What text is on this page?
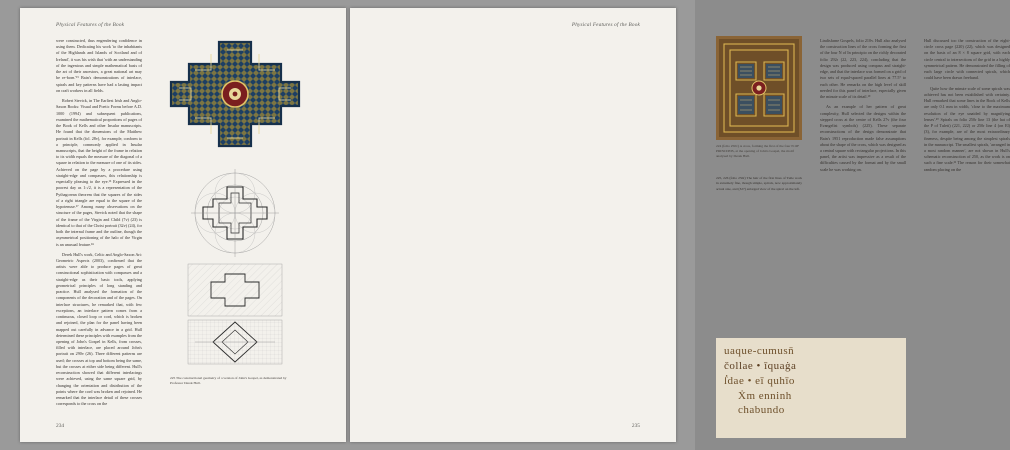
Physical Features of the Book

were constructed, thus engendering confidence in using them. Dedicating his work 'to the inhabitants of the Highlands and Islands of Scotland and of Ireland', it was his wish that 'with an understanding of the ingenious and simple mathematical basis of the art of their ancestors, a great national art may be re-born.'¹⁵ Bain's demonstrations of interlace, spirals and key patterns have had a lasting impact on craft workers in all fields.

Robert Stevick, in The Earliest Irish and Anglo-Saxon Books: Visual and Poetic Forms before A.D. 1000 (1994) and subsequent publications, examined the mathematical proportions of pages of the Book of Kells and other Insular manuscripts. He found that the dimensions of the Matthew portrait in Kells (fol. 28v), for example, conform to a principle, commonly applied in Insular manuscripts, that the height of the frame in relation to its width equals the measure of the diagonal of a square in relation to the measure of one of its sides. Achieved on the page by a procedure using straight-edge and compasses, this relationship is especially pleasing to the eye.¹⁶ Expressed in the poorest day as 1:√2, it is a representation of the Pythagorean theorem that the squares of the sides of a right triangle are equal to the square of the hypotenuse.¹⁷ Among many observations on the structure of the pages, Stevick noted that the shape of the frame of the Virgin and Child (7v) (23) is identical to that of the Christ portrait (32v) (24), for both the internal frame and the outline, though the asymmetrical positioning of the halo of the Virgin is an unusual feature.¹⁸

Derek Hull's work, Celtic and Anglo-Saxon Art: Geometric Aspects (2003), confirmed that the artists were able to produce pages of great constructional sophistication with compasses and a straight-edge as their basic tools, applying geometrical principles of long standing and practice. Hull analysed the formation of the components of the decoration and of the pages. On interlace structures, he remarked that, with few exceptions, an interlace pattern comes from a continuous, closed loop or cord, which is broken and rejoined, the plan for the panel having been mapped out carefully in advance in a grid. Hull determined these principles with examples from the opening of John's Gospel in Kells, from crosses, filled with interlace, are placed around John's portrait on 290v (26). Three different patterns are used; the crosses at top and bottom being the same, but the crosses at either side being different. Hull's reconstruction showed that different interlacings were achieved, using the same square grid, by changing the orientation and distribution of the points where the cord was broken and rejoined. He remarked that the interlace detail of these crosses corresponds to the cross on the

225 The constructional geometry of a version of John's Gospel, as demonstrated by Professor Derek Hull.
234
Physical Features of the Book
224 (folio 250v) A cross, forming the first of the four N OF PRINCIPIIS, at the opening of John's Gospel, the motif analysed by Derek Hull.

225, 226 (folio 250r) The hair of the first lines of Tuile work in extremely fine, though simple, spirals, now approximately actual size, and (327) enlarged view of the spiral on the left.

Lindisfarne Gospels, folio 210v. Hull also analysed the construction lines of the cross forming the first of the four N of In principio on the richly decorated folio 292r (22, 223, 224), concluding that the design was produced using compass and straight-edge, and that the interlace was formed on a grid of two sets of equal-spaced parallel lines at 77.5° to each other. He remarks on the high level of skill needed for this panel of interlace, especially given the minute scale of its detail.¹⁹

As an example of her pattern of great complexity, Hull selected the designs within the stepped cross at the centre of Kells 27v (the four Evangelist symbols) (225). These separate reconstructions of the design demonstrate that Bain's 1951 reproduction made false assumptions about the shape of the cross, which was designed as a central square with rectangular projections. In this panel, the artist was impressive as a result of the difficulties caused by the format and by the small scale he was working on.

Hull discussed too the construction of the eight-circle cross page (220) (22), which was designed on the basis of an 8 × 8 square grid, with each circle central to intersections of the grid in a highly symmetrical pattern. He demonstrated the filling of each large circle with connected spirals, which could have been drawn freehand.

Quite how the minute scale of some spirals was achieved has not been established with certainty. Hull remarked that some lines in the Book of Kells are only 0.1 mm in width, 'close to the maximum resolution of the eye unaided by magnifying lenses'.²⁰ Spirals on folio 250r line 13 (the hat of the P of Tuleti) (221, 222) or 250r line 4 (on El) (3), for example, are of the most extraordinary fineness, despite being among the simplest spirals in the manuscript. The smallest spirals, 'arranged in a most random manner', are not shown in Hull's schematic reconstruction of 250, as the work is on such a fine scale.²¹ The reason for their somewhat random placing on the

uaque-cumusn̄
čollae • īquaġa
ẛdae • eī quhīo
Ẋm enninh
chabundo
235
